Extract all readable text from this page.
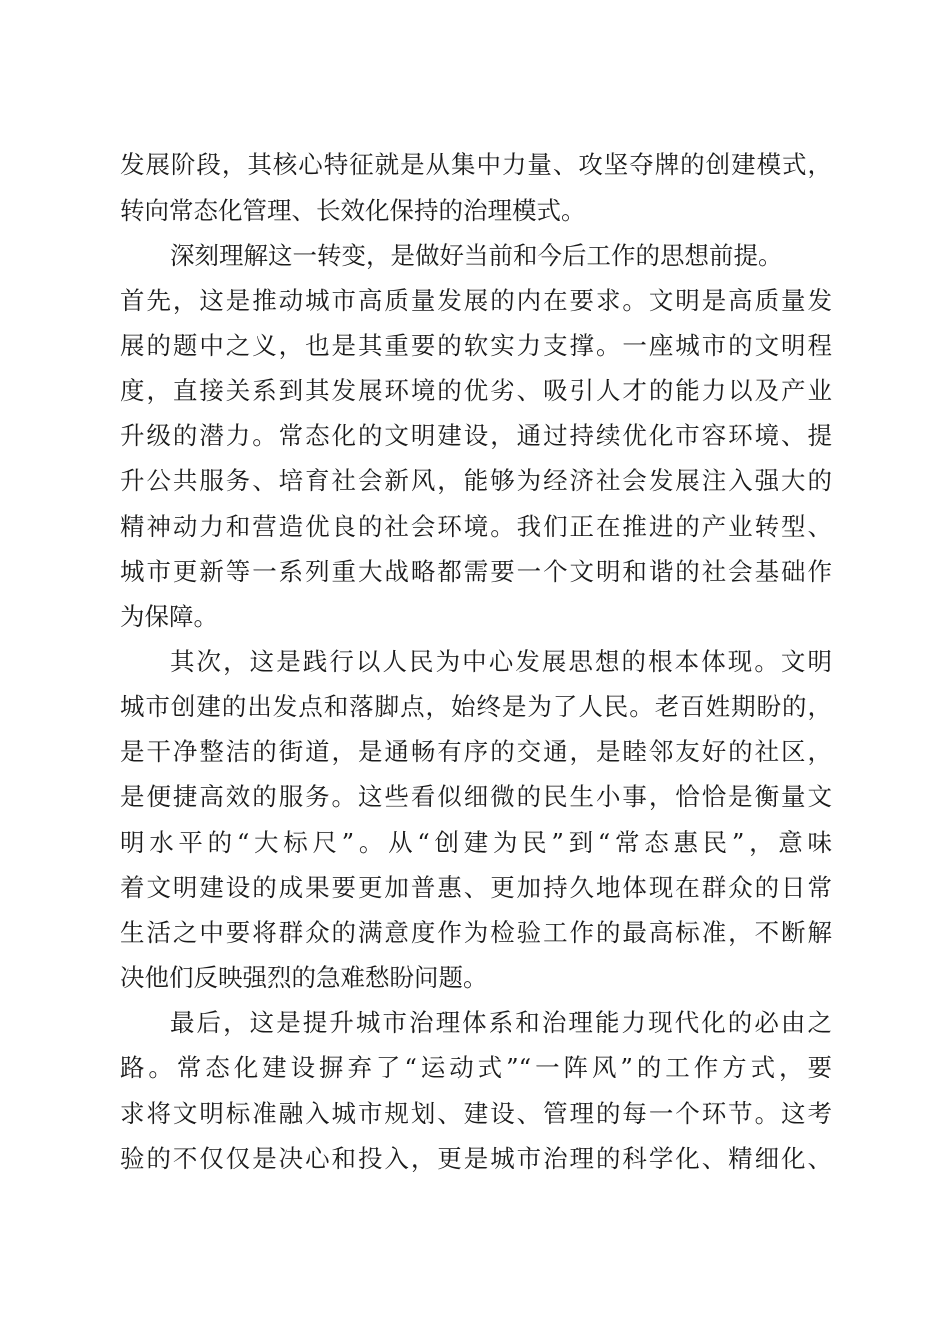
发展阶段，其核心特征就是从集中力量、攻坚夺牌的创建模式，
转向常态化管理、长效化保持的治理模式。
深刻理解这一转变，是做好当前和今后工作的思想前提。
首先，这是推动城市高质量发展的内在要求。文明是高质量发
展的题中之义，也是其重要的软实力支撑。一座城市的文明程
度，直接关系到其发展环境的优劣、吸引人才的能力以及产业
升级的潜力。常态化的文明建设，通过持续优化市容环境、提
升公共服务、培育社会新风，能够为经济社会发展注入强大的
精神动力和营造优良的社会环境。我们正在推进的产业转型、
城市更新等一系列重大战略都需要一个文明和谐的社会基础作
为保障。
其次，这是践行以人民为中心发展思想的根本体现。文明
城市创建的出发点和落脚点，始终是为了人民。老百姓期盼的，
是干净整洁的街道，是通畅有序的交通，是睦邻友好的社区，
是便捷高效的服务。这些看似细微的民生小事，恰恰是衡量文
明水平的“大标尺”。从“创建为民”到“常态惠民”，意味
着文明建设的成果要更加普惠、更加持久地体现在群众的日常
生活之中要将群众的满意度作为检验工作的最高标准，不断解
决他们反映强烈的急难愁盼问题。
最后，这是提升城市治理体系和治理能力现代化的必由之
路。常态化建设摒弃了“运动式”“一阵风”的工作方式，要
求将文明标准融入城市规划、建设、管理的每一个环节。这考
验的不仅仅是决心和投入，更是城市治理的科学化、精细化、
